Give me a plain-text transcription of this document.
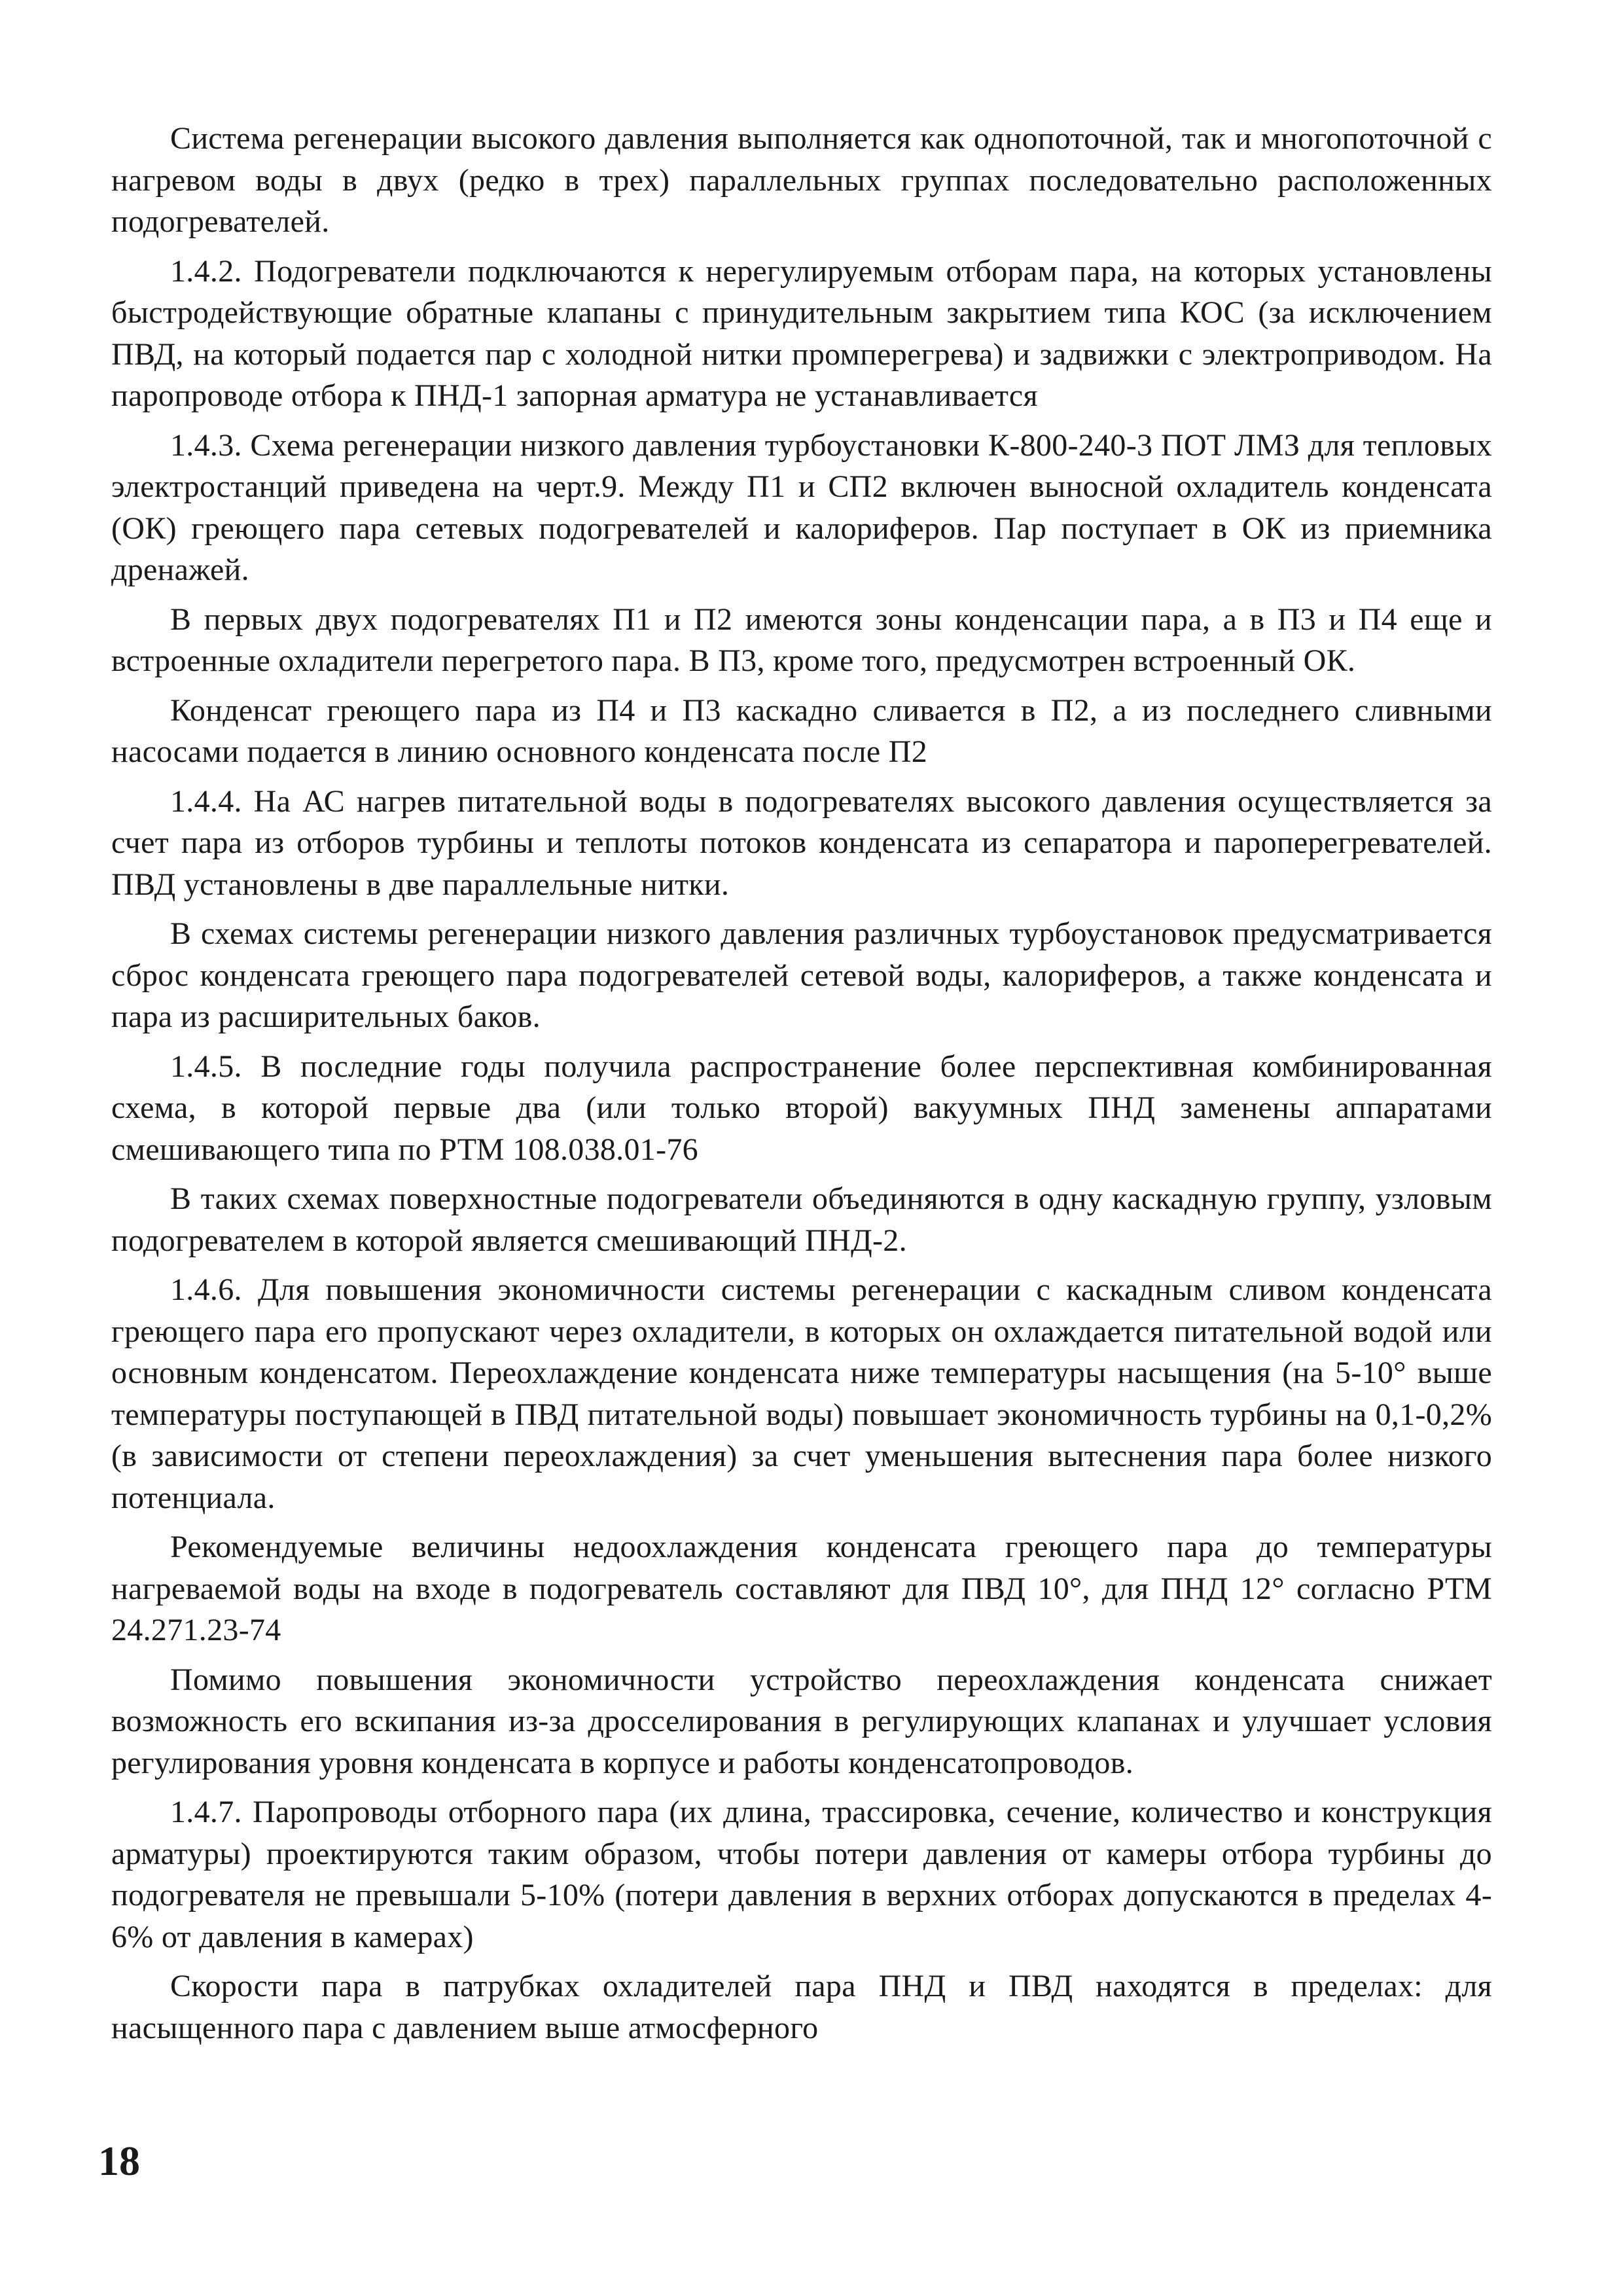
Система регенерации высокого давления выполняется как однопоточной, так и многопоточной с нагревом воды в двух (редко в трех) параллельных группах последовательно расположенных подогревателей.

1.4.2. Подогреватели подключаются к нерегулируемым отборам пара, на которых установлены быстродействующие обратные клапаны с принудительным закрытием типа КОС (за исключением ПВД, на который подается пар с холодной нитки промперегрева) и задвижки с электроприводом. На паропроводе отбора к ПНД-1 запорная арматура не устанавливается

1.4.3. Схема регенерации низкого давления турбоустановки К-800-240-3 ПОТ ЛМЗ для тепловых электростанций приведена на черт.9. Между П1 и СП2 включен выносной охладитель конденсата (ОК) греющего пара сетевых подогревателей и калориферов. Пар поступает в ОК из приемника дренажей.

В первых двух подогревателях П1 и П2 имеются зоны конденсации пара, а в П3 и П4 еще и встроенные охладители перегретого пара. В П3, кроме того, предусмотрен встроенный ОК.

Конденсат греющего пара из П4 и П3 каскадно сливается в П2, а из последнего сливными насосами подается в линию основного конденсата после П2

1.4.4. На АС нагрев питательной воды в подогревателях высокого давления осуществляется за счет пара из отборов турбины и теплоты потоков конденсата из сепаратора и пароперегревателей. ПВД установлены в две параллельные нитки.

В схемах системы регенерации низкого давления различных турбоустановок предусматривается сброс конденсата греющего пара подогревателей сетевой воды, калориферов, а также конденсата и пара из расширительных баков.

1.4.5. В последние годы получила распространение более перспективная комбинированная схема, в которой первые два (или только второй) вакуумных ПНД заменены аппаратами смешивающего типа по РТМ 108.038.01-76

В таких схемах поверхностные подогреватели объединяются в одну каскадную группу, узловым подогревателем в которой является смешивающий ПНД-2.

1.4.6. Для повышения экономичности системы регенерации с каскадным сливом конденсата греющего пара его пропускают через охладители, в которых он охлаждается питательной водой или основным конденсатом. Переохлаждение конденсата ниже температуры насыщения (на 5-10° выше температуры поступающей в ПВД питательной воды) повышает экономичность турбины на 0,1-0,2% (в зависимости от степени переохлаждения) за счет уменьшения вытеснения пара более низкого потенциала.

Рекомендуемые величины недоохлаждения конденсата греющего пара до температуры нагреваемой воды на входе в подогреватель составляют для ПВД 10°, для ПНД 12° согласно РТМ 24.271.23-74

Помимо повышения экономичности устройство переохлаждения конденсата снижает возможность его вскипания из-за дросселирования в регулирующих клапанах и улучшает условия регулирования уровня конденсата в корпусе и работы конденсатопроводов.

1.4.7. Паропроводы отборного пара (их длина, трассировка, сечение, количество и конструкция арматуры) проектируются таким образом, чтобы потери давления от камеры отбора турбины до подогревателя не превышали 5-10% (потери давления в верхних отборах допускаются в пределах 4-6% от давления в камерах)

Скорости пара в патрубках охладителей пара ПНД и ПВД находятся в пределах: для насыщенного пара с давлением выше атмосферного

18
